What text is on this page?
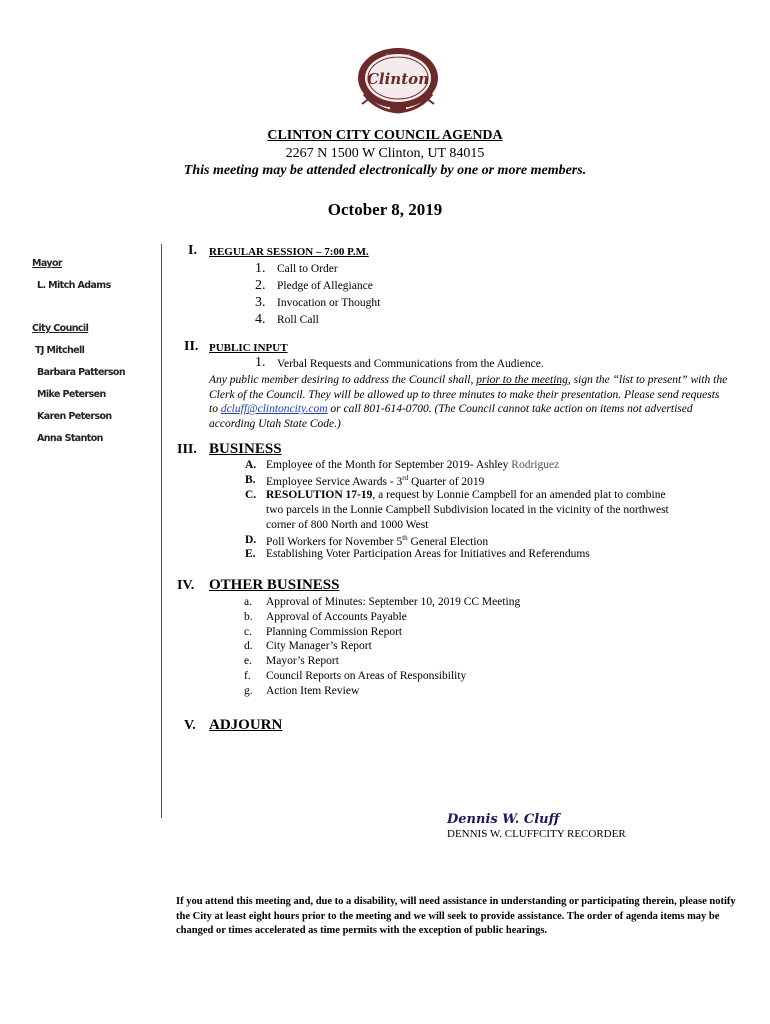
THE CITY OF
Clinton
CLINTON CITY COUNCIL AGENDA
2267 N 1500 W Clinton, UT 84015
This meeting may be attended electronically by one or more members.
October 8, 2019
Mayor
L. Mitch Adams
City Council
TJ Mitchell
Barbara Patterson
Mike Petersen
Karen Peterson
Anna Stanton
I. REGULAR SESSION – 7:00 P.M.
1. Call to Order
2. Pledge of Allegiance
3. Invocation or Thought
4. Roll Call
II. PUBLIC INPUT
1. Verbal Requests and Communications from the Audience.
Any public member desiring to address the Council shall, prior to the meeting, sign the “list to present” with the Clerk of the Council. They will be allowed up to three minutes to make their presentation. Please send requests to dcluff@clintoncity.com or call 801-614-0700. (The Council cannot take action on items not advertised according Utah State Code.)
III. BUSINESS
A. Employee of the Month for September 2019- Ashley Rodriguez
B. Employee Service Awards - 3rd Quarter of 2019
C. RESOLUTION 17-19, a request by Lonnie Campbell for an amended plat to combine
two parcels in the Lonnie Campbell Subdivision located in the vicinity of the northwest
corner of 800 North and 1000 West
D. Poll Workers for November 5th General Election
E. Establishing Voter Participation Areas for Initiatives and Referendums
IV. OTHER BUSINESS
a. Approval of Minutes: September 10, 2019 CC Meeting
b. Approval of Accounts Payable
c. Planning Commission Report
d. City Manager’s Report
e. Mayor’s Report
f. Council Reports on Areas of Responsibility
g. Action Item Review
V. ADJOURN
Dennis W. Cluff
DENNIS W. CLUFFCITY RECORDER
If you attend this meeting and, due to a disability, will need assistance in understanding or participating therein, please notify the City at least eight hours prior to the meeting and we will seek to provide assistance. The order of agenda items may be changed or times accelerated as time permits with the exception of public hearings.
